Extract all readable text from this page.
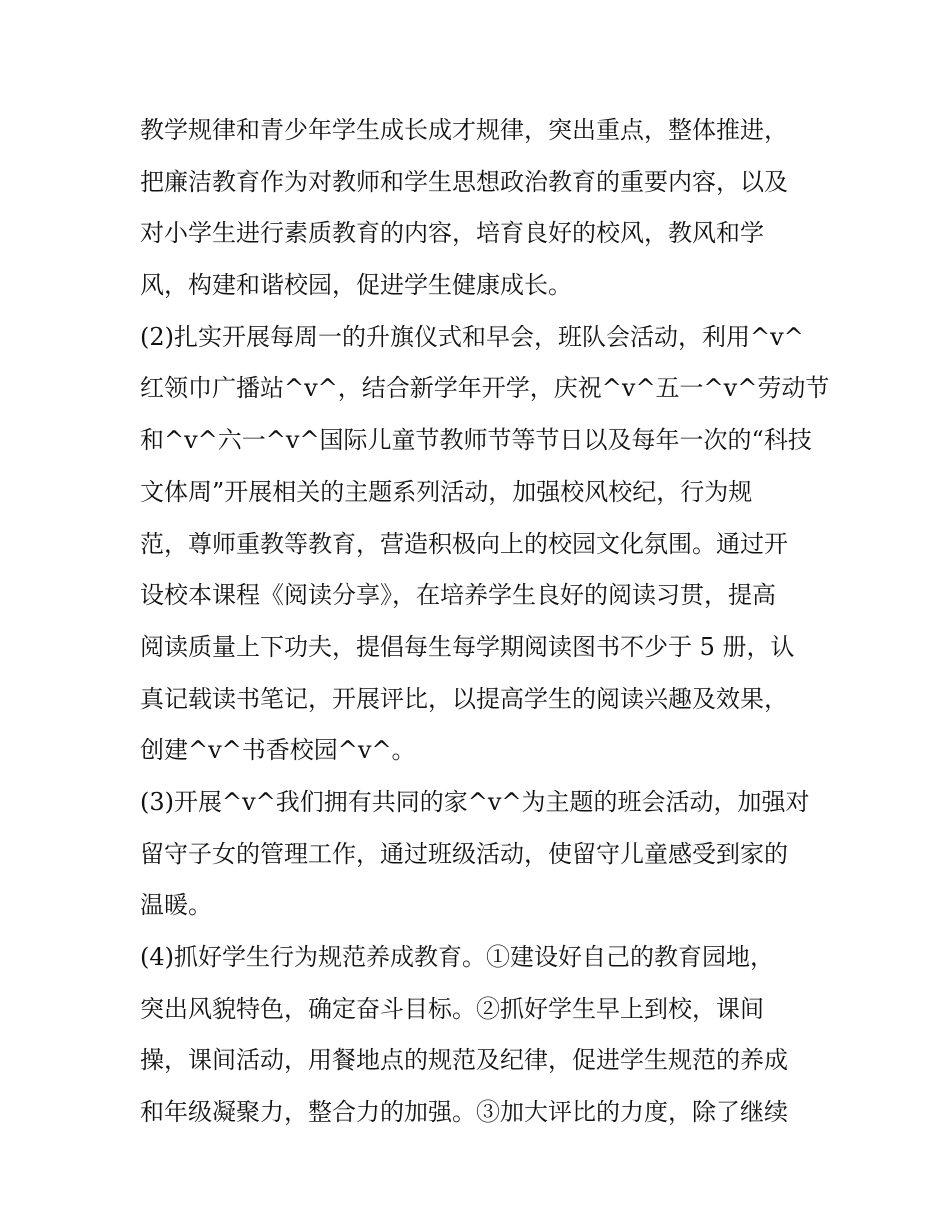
教学规律和青少年学生成长成才规律，突出重点，整体推进，
把廉洁教育作为对教师和学生思想政治教育的重要内容，以及
对小学生进行素质教育的内容，培育良好的校风，教风和学
风，构建和谐校园，促进学生健康成长。
(2)扎实开展每周一的升旗仪式和早会，班队会活动，利用^v^
红领巾广播站^v^，结合新学年开学，庆祝^v^五一^v^劳动节
和^v^六一^v^国际儿童节教师节等节日以及每年一次的“科技
文体周”开展相关的主题系列活动，加强校风校纪，行为规
范，尊师重教等教育，营造积极向上的校园文化氛围。通过开
设校本课程《阅读分享》，在培养学生良好的阅读习贯，提高
阅读质量上下功夫，提倡每生每学期阅读图书不少于 5 册，认
真记载读书笔记，开展评比，以提高学生的阅读兴趣及效果，
创建^v^书香校园^v^。
(3)开展^v^我们拥有共同的家^v^为主题的班会活动，加强对
留守子女的管理工作，通过班级活动，使留守儿童感受到家的
温暖。
(4)抓好学生行为规范养成教育。①建设好自己的教育园地，
突出风貌特色，确定奋斗目标。②抓好学生早上到校，课间
操，课间活动，用餐地点的规范及纪律，促进学生规范的养成
和年级凝聚力，整合力的加强。③加大评比的力度，除了继续
